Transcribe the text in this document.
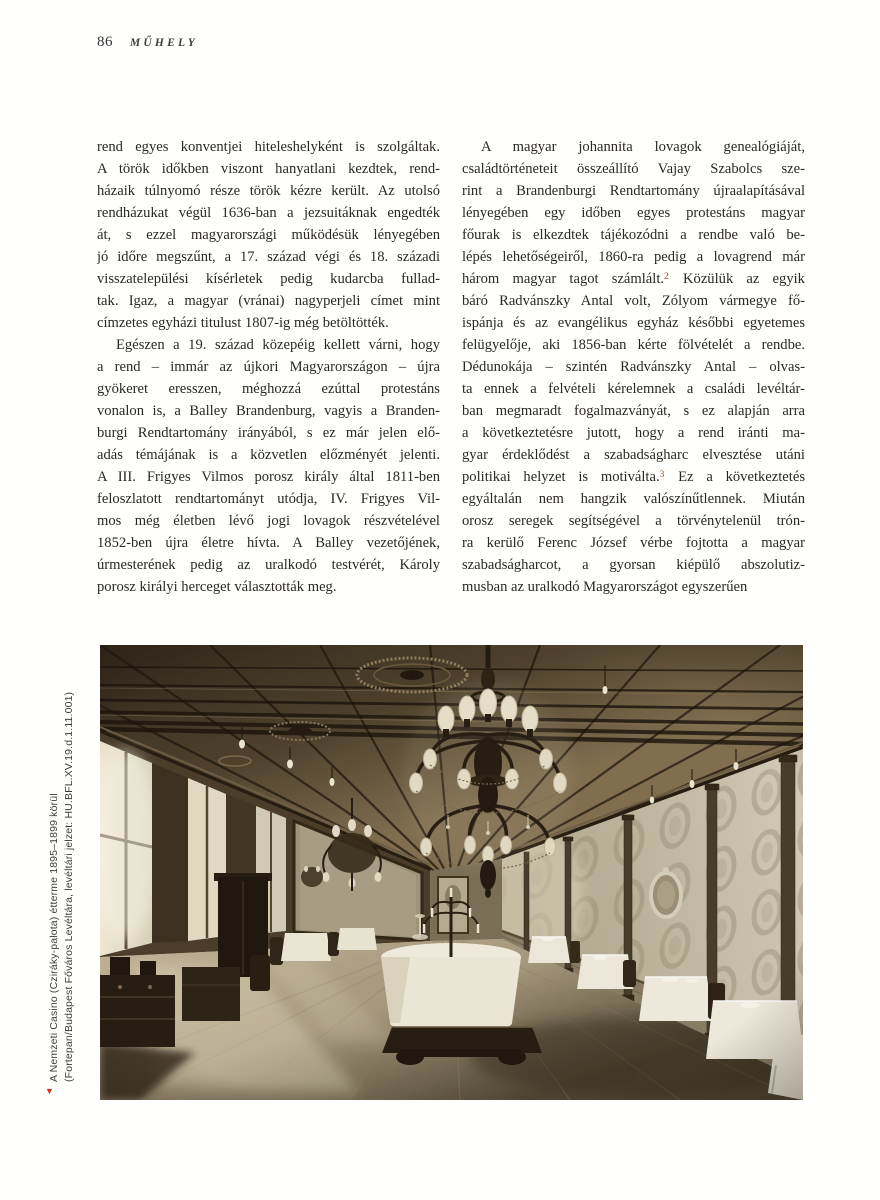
86 MŰHELY
rend egyes konventjei hiteleshelyként is szolgáltak.
A török időkben viszont hanyatlani kezdtek, rend-
házaik túlnyomó része török kézre került. Az utolsó
rendházukat végül 1636-ban a jezsuitáknak engedték
át, s ezzel magyarországi működésük lényegében
jó időre megszűnt, a 17. század végi és 18. századi
visszatelepülési kísérletek pedig kudarcba fullad-
tak. Igaz, a magyar (vránai) nagyperjeli címet mint
címzetes egyházi titulust 1807-ig még betöltötték.
Egészen a 19. század közepéig kellett várni, hogy
a rend – immár az újkori Magyarországon – újra
gyökeret eresszen, méghozzá ezúttal protestáns
vonalon is, a Balley Brandenburg, vagyis a Branden-
burgi Rendtartomány irányából, s ez már jelen elő-
adás témájának is a közvetlen előzményét jelenti.
A III. Frigyes Vilmos porosz király által 1811-ben
feloszlatott rendtartományt utódja, IV. Frigyes Vil-
mos még életben lévő jogi lovagok részvételével
1852-ben újra életre hívta. A Balley vezetőjének,
úrmesterének pedig az uralkodó testvérét, Károly
porosz királyi herceget választották meg.
A magyar johannita lovagok genealógiáját,
családtörténeteit összeállító Vajay Szabolcs sze-
rint a Brandenburgi Rendtartomány újraalapításával
lényegében egy időben egyes protestáns magyar
főurak is elkezdtek tájékozódni a rendbe való be-
lépés lehetőségeiről, 1860-ra pedig a lovagrend már
három magyar tagot számlált.$^2$ Közülük az egyik
báró Radvánszky Antal volt, Zólyom vármegye fő-
ispánja és az evangélikus egyház későbbi egyetemes
felügyelője, aki 1856-ban kérte fölvételét a rendbe.
Dédunokája – szintén Radvánszky Antal – olvas-
ta ennek a felvételi kérelemnek a családi levéltár-
ban megmaradt fogalmazványát, s ez alapján arra
a következtetésre jutott, hogy a rend iránti ma-
gyar érdeklődést a szabadságharc elvesztése utáni
politikai helyzet is motiválta.$^3$ Ez a következtetés
egyáltalán nem hangzik valószínűtlennek. Miután
orosz seregek segítségével a törvénytelenül trón-
ra kerülő Ferenc József vérbe fojtotta a magyar
szabadságharcot, a gyorsan kiépülő abszolutiz-
musban az uralkodó Magyarországot egyszerűen
▼
A Nemzeti Casino (Cziráky-palota) étterme 1895–1899 körül (Fortepan/Budapest Főváros Levéltára, levéltári jelzet: HU.BFL.XV.19.d.1.11.001)
